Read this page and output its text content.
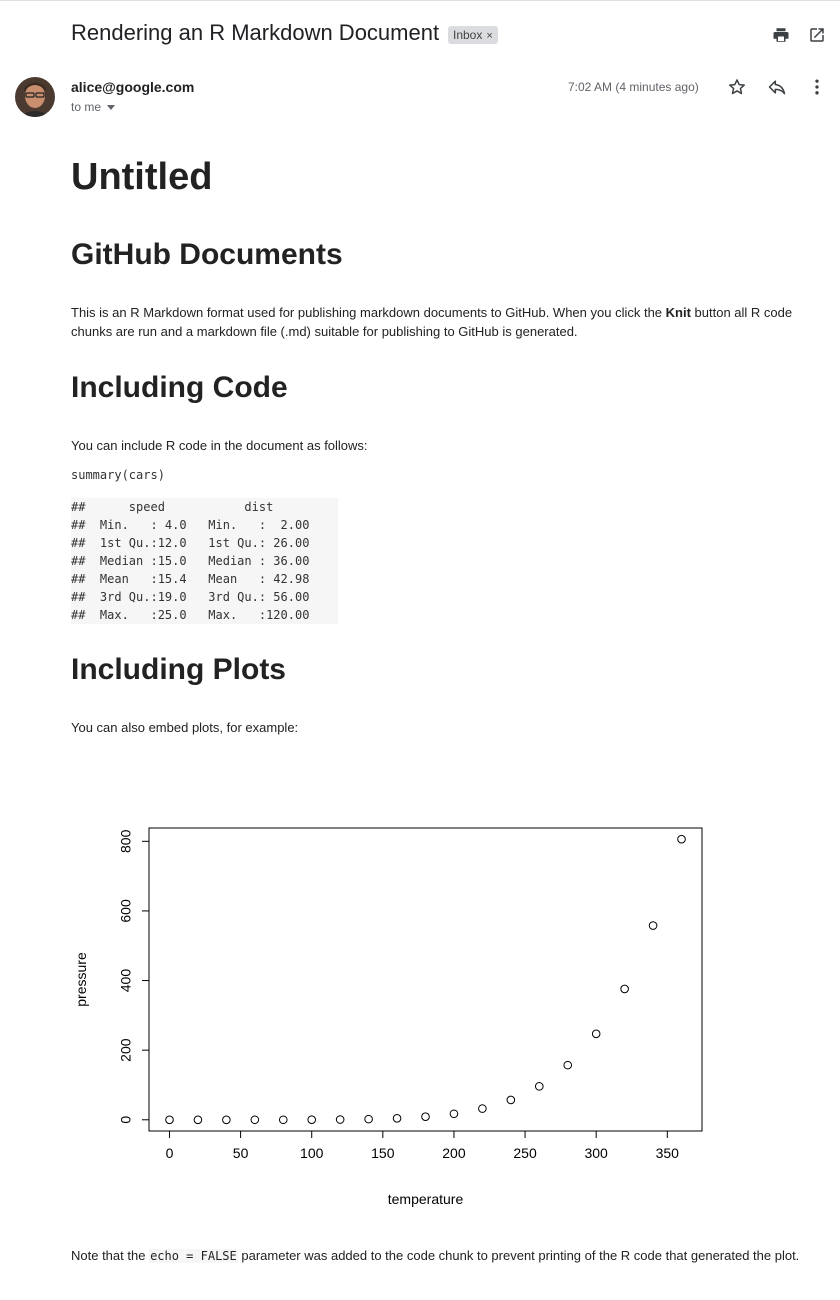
Rendering an R Markdown Document	Inbox ×
alice@google.com
to me
7:02 AM (4 minutes ago)
Untitled
GitHub Documents
This is an R Markdown format used for publishing markdown documents to GitHub. When you click the Knit button all R code chunks are run and a markdown file (.md) suitable for publishing to GitHub is generated.
Including Code
You can include R code in the document as follows:
summary(cars)
##      speed           dist
##  Min.   : 4.0   Min.   :  2.00
##  1st Qu.:12.0   1st Qu.: 26.00
##  Median :15.0   Median : 36.00
##  Mean   :15.4   Mean   : 42.98
##  3rd Qu.:19.0   3rd Qu.: 56.00
##  Max.   :25.0   Max.   :120.00
Including Plots
You can also embed plots, for example:
0	50	100	150	200	250	300	350
0
200
400
600
800
temperature
pressure
Note that the echo = FALSE parameter was added to the code chunk to prevent printing of the R code that generated the plot.
